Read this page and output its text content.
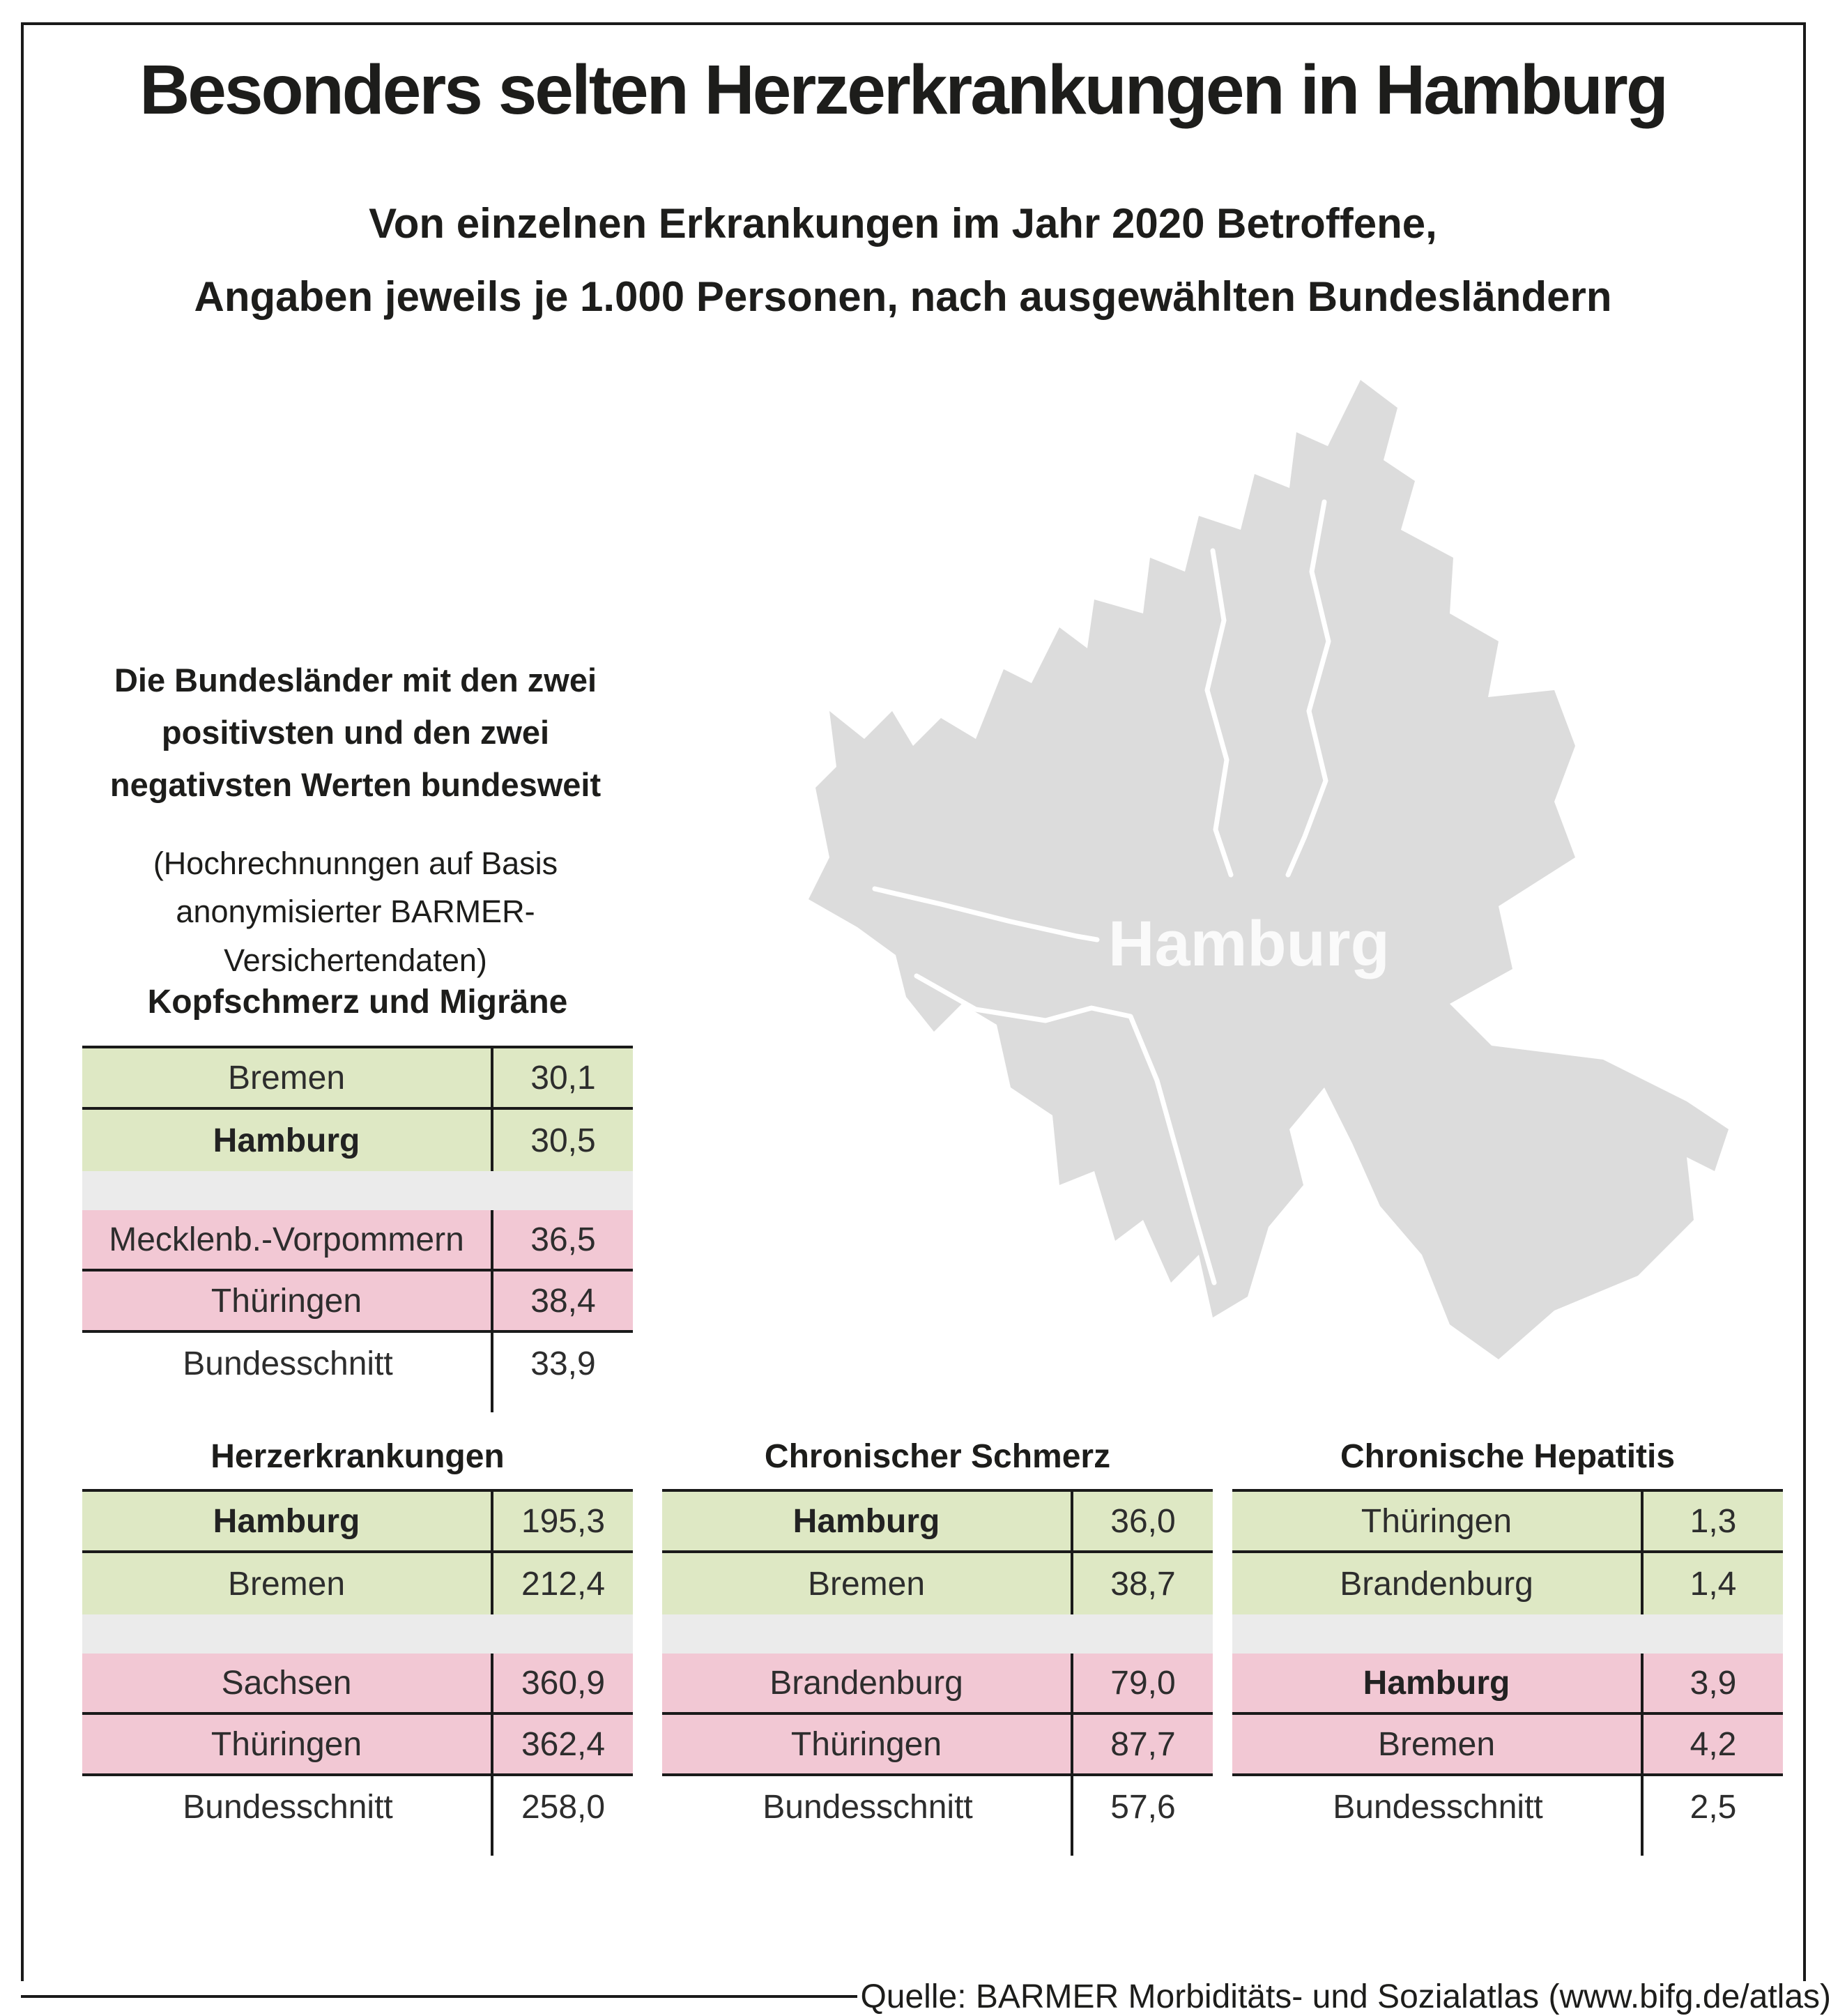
Besonders selten Herzerkrankungen in Hamburg
Von einzelnen Erkrankungen im Jahr 2020 Betroffene,
Angaben jeweils je 1.000 Personen, nach ausgewählten Bundesländern
Die Bundesländer mit den zwei
positivsten und den zwei
negativsten Werten bundesweit
(Hochrechnunngen auf Basis
anonymisierter BARMER-
Versichertendaten)	Hamburg
Kopfschmerz und Migräne
Bremen	30,1
Hamburg	30,5
Mecklenb.-Vorpommern	36,5
Thüringen	38,4
Bundesschnitt	33,9
Herzerkrankungen
Hamburg	195,3
Bremen	212,4
Sachsen	360,9
Thüringen	362,4
Bundesschnitt	258,0
Chronischer Schmerz
Hamburg	36,0
Bremen	38,7
Brandenburg	79,0
Thüringen	87,7
Bundesschnitt	57,6
Chronische Hepatitis
Thüringen	1,3
Brandenburg	1,4
Hamburg	3,9
Bremen	4,2
Bundesschnitt	2,5
Quelle: BARMER Morbiditäts- und Sozialatlas (www.bifg.de/atlas)
